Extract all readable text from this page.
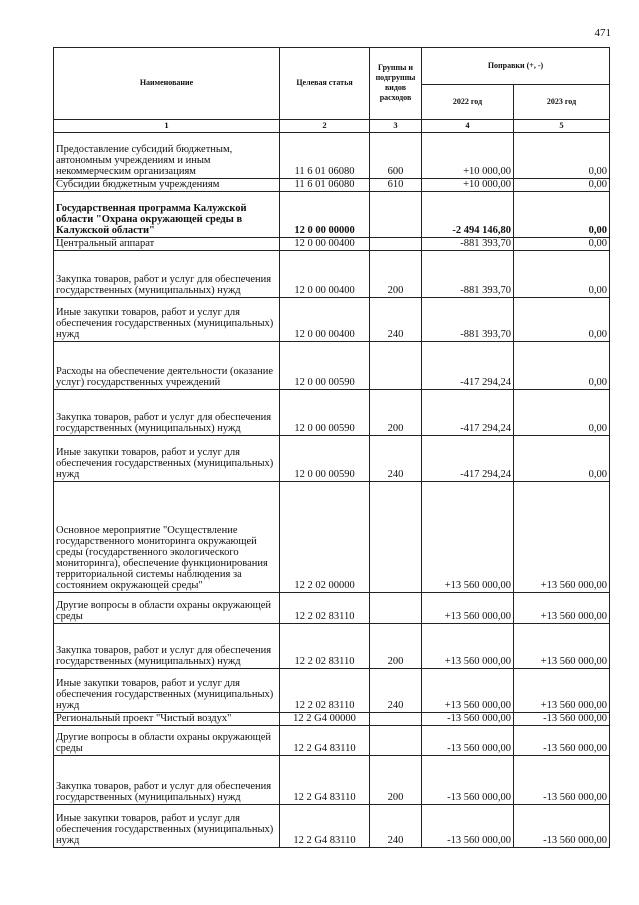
471
Наименование	Целевая статья	Группы и подгруппы видов расходов	Поправки (+, -)	
			2022 год	2023 год
1	2	3	4	5
Предоставление субсидий бюджетным, автономным учреждениям и иным некоммерческим организациям	11 6 01 06080	600	+10 000,00	0,00
Субсидии бюджетным учреждениям	11 6 01 06080	610	+10 000,00	0,00
Государственная программа Калужской области "Охрана окружающей среды в Калужской области"	12 0 00 00000		-2 494 146,80	0,00
Центральный аппарат	12 0 00 00400		-881 393,70	0,00
Закупка товаров, работ и услуг для обеспечения государственных (муниципальных) нужд	12 0 00 00400	200	-881 393,70	0,00
Иные закупки товаров, работ и услуг для обеспечения государственных (муниципальных) нужд	12 0 00 00400	240	-881 393,70	0,00
Расходы на обеспечение деятельности (оказание услуг) государственных учреждений	12 0 00 00590		-417 294,24	0,00
Закупка товаров, работ и услуг для обеспечения государственных (муниципальных) нужд	12 0 00 00590	200	-417 294,24	0,00
Иные закупки товаров, работ и услуг для обеспечения государственных (муниципальных) нужд	12 0 00 00590	240	-417 294,24	0,00
Основное мероприятие "Осуществление государственного мониторинга окружающей среды (государственного экологического мониторинга), обеспечение функционирования территориальной системы наблюдения за состоянием окружающей среды"	12 2 02 00000		+13 560 000,00	+13 560 000,00
Другие вопросы в области охраны окружающей среды	12 2 02 83110		+13 560 000,00	+13 560 000,00
Закупка товаров, работ и услуг для обеспечения государственных (муниципальных) нужд	12 2 02 83110	200	+13 560 000,00	+13 560 000,00
Иные закупки товаров, работ и услуг для обеспечения государственных (муниципальных) нужд	12 2 02 83110	240	+13 560 000,00	+13 560 000,00
Региональный проект "Чистый воздух"	12 2 G4 00000		-13 560 000,00	-13 560 000,00
Другие вопросы в области охраны окружающей среды	12 2 G4 83110		-13 560 000,00	-13 560 000,00
Закупка товаров, работ и услуг для обеспечения государственных (муниципальных) нужд	12 2 G4 83110	200	-13 560 000,00	-13 560 000,00
Иные закупки товаров, работ и услуг для обеспечения государственных (муниципальных) нужд	12 2 G4 83110	240	-13 560 000,00	-13 560 000,00
